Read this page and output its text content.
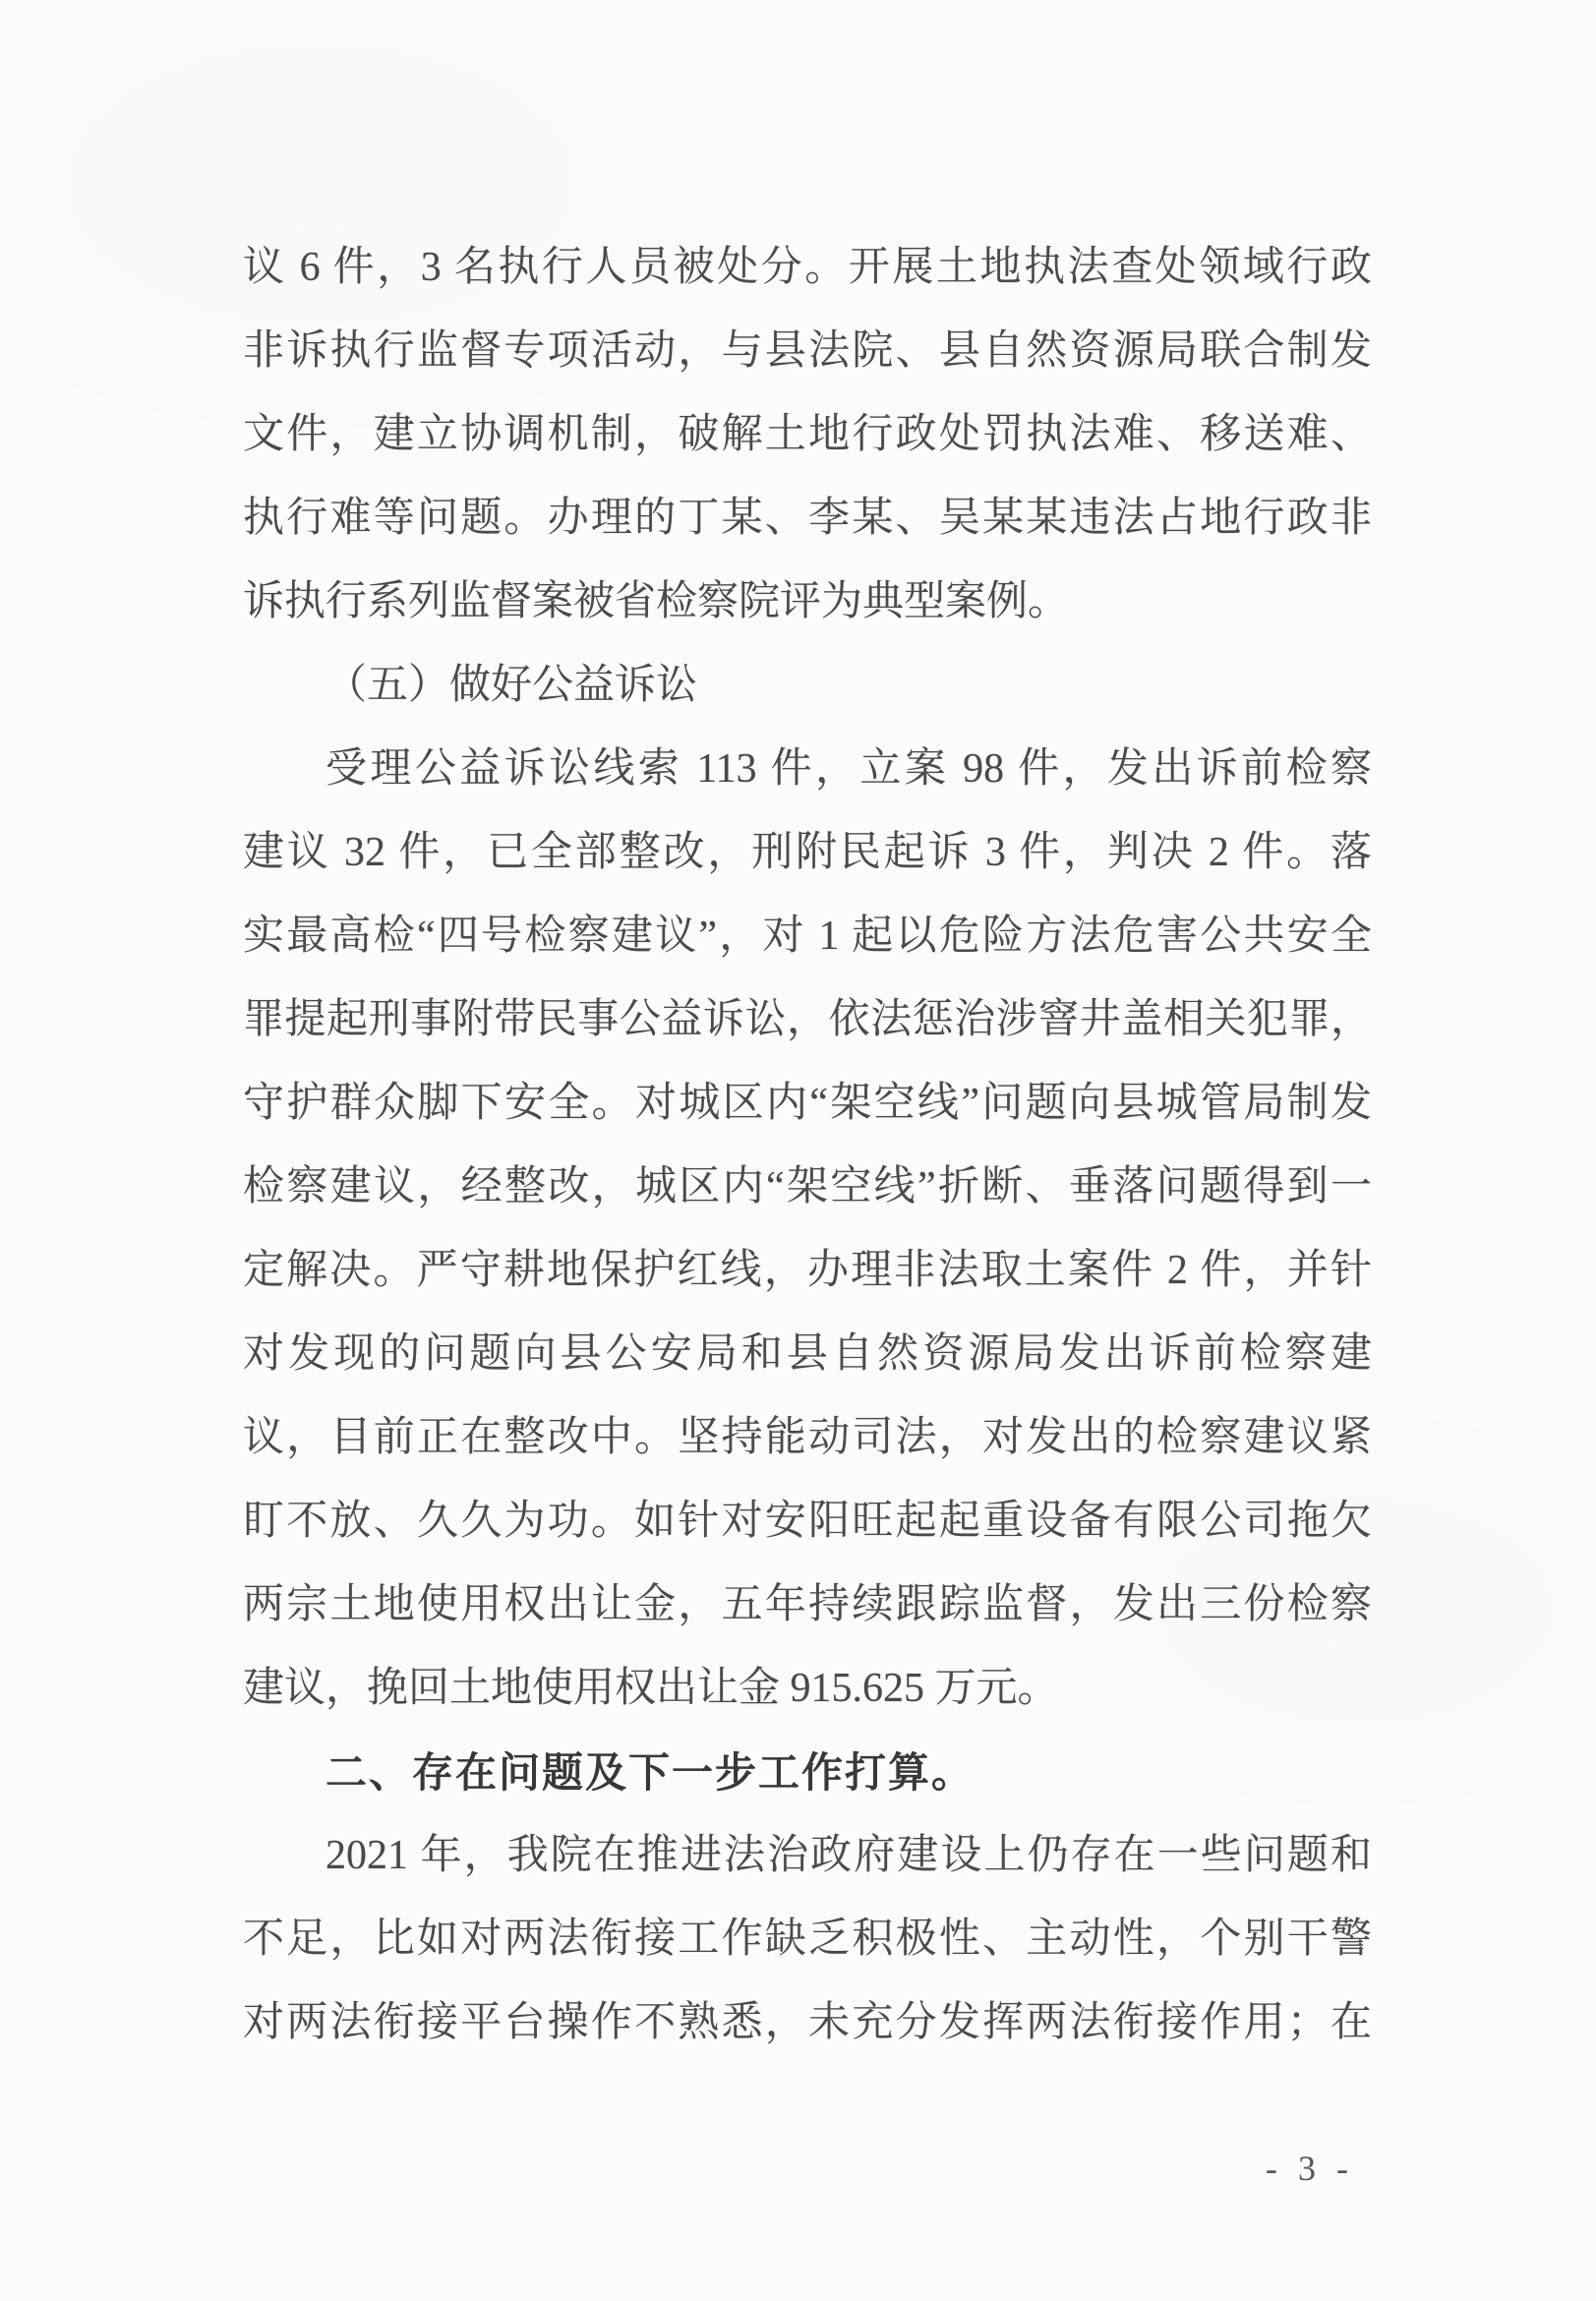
议 6 件，3 名执行人员被处分。开展土地执法查处领域行政
非诉执行监督专项活动，与县法院、县自然资源局联合制发
文件，建立协调机制，破解土地行政处罚执法难、移送难、
执行难等问题。办理的丁某、李某、吴某某违法占地行政非
诉执行系列监督案被省检察院评为典型案例。
（五）做好公益诉讼
受理公益诉讼线索 113 件，立案 98 件，发出诉前检察
建议 32 件，已全部整改，刑附民起诉 3 件，判决 2 件。落
实最高检“四号检察建议”，对 1 起以危险方法危害公共安全
罪提起刑事附带民事公益诉讼，依法惩治涉窨井盖相关犯罪，
守护群众脚下安全。对城区内“架空线”问题向县城管局制发
检察建议，经整改，城区内“架空线”折断、垂落问题得到一
定解决。严守耕地保护红线，办理非法取土案件 2 件，并针
对发现的问题向县公安局和县自然资源局发出诉前检察建
议，目前正在整改中。坚持能动司法，对发出的检察建议紧
盯不放、久久为功。如针对安阳旺起起重设备有限公司拖欠
两宗土地使用权出让金，五年持续跟踪监督，发出三份检察
建议，挽回土地使用权出让金 915.625 万元。
二、存在问题及下一步工作打算。
2021 年，我院在推进法治政府建设上仍存在一些问题和
不足，比如对两法衔接工作缺乏积极性、主动性，个别干警
对两法衔接平台操作不熟悉，未充分发挥两法衔接作用；在
- 3 -
